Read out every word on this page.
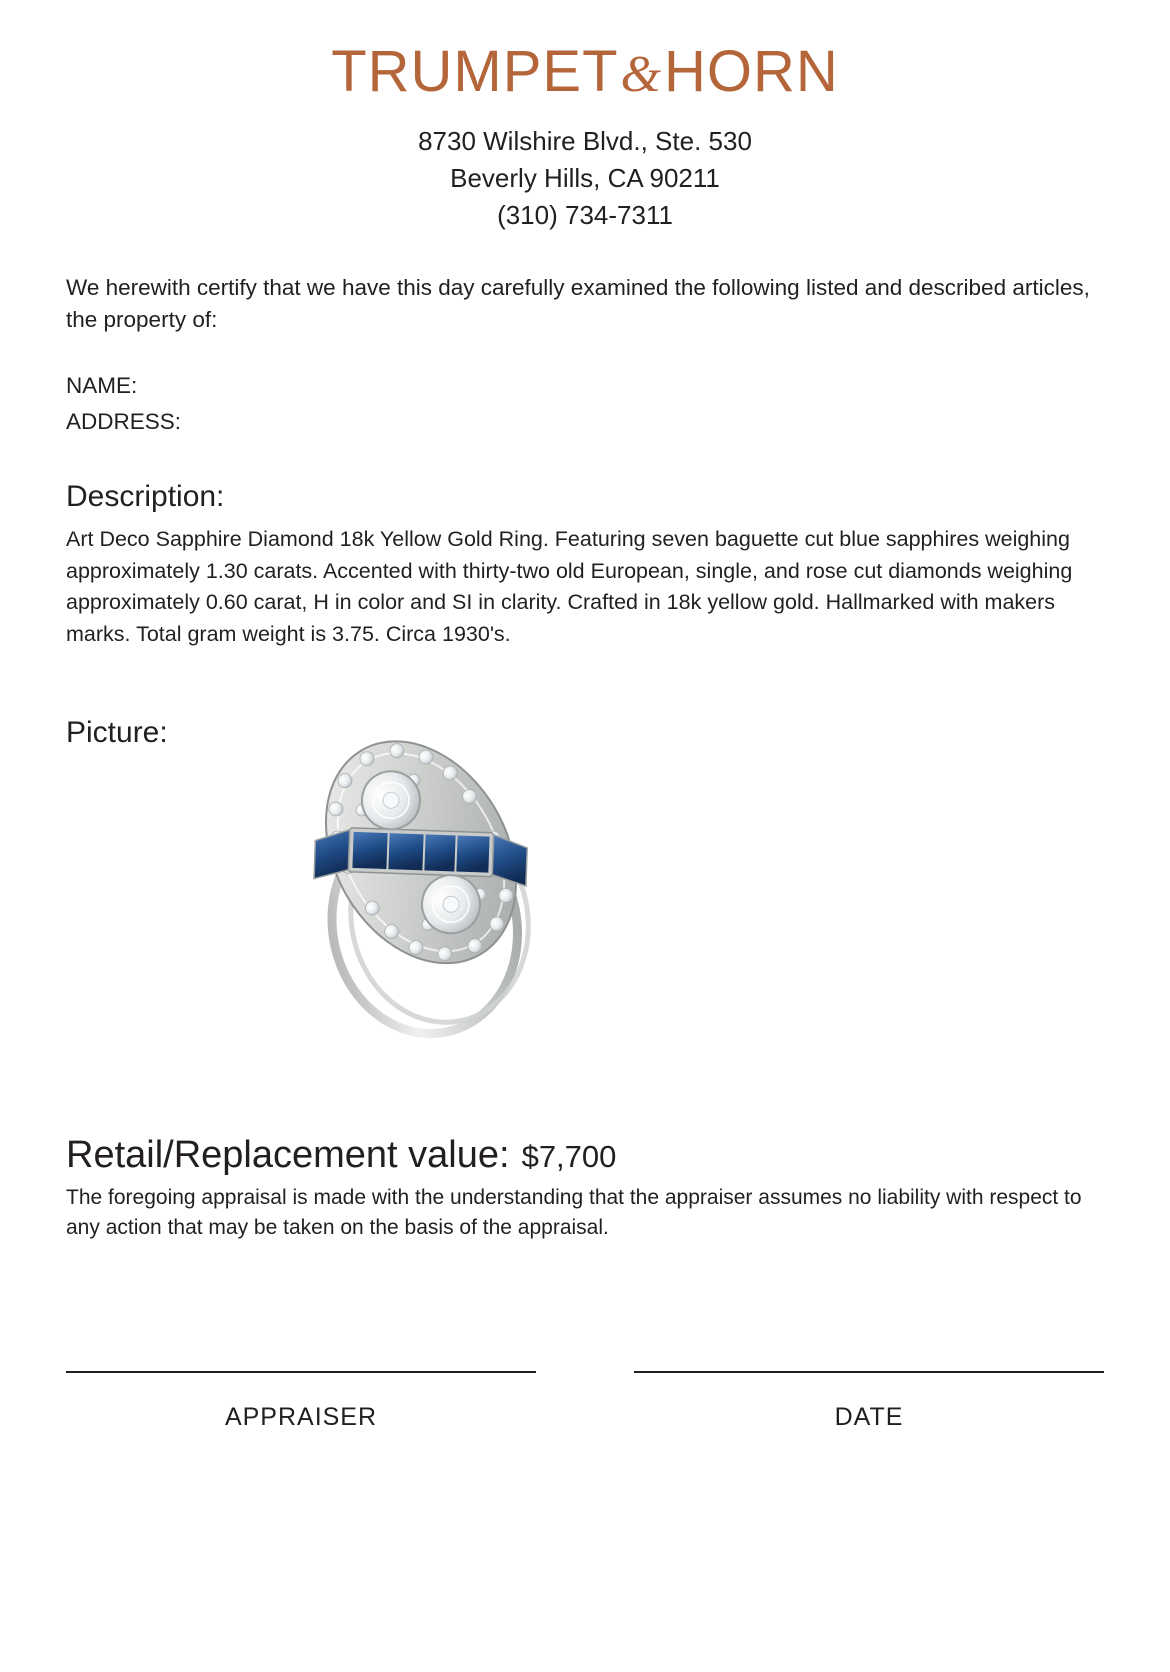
TRUMPET&HORN
8730 Wilshire Blvd., Ste. 530
Beverly Hills, CA 90211
(310) 734-7311

We herewith certify that we have this day carefully examined the following listed and described articles, the property of:

NAME:
ADDRESS:
Description:

Art Deco Sapphire Diamond 18k Yellow Gold Ring. Featuring seven baguette cut blue sapphires weighing approximately 1.30 carats. Accented with thirty-two old European, single, and rose cut diamonds weighing approximately 0.60 carat, H in color and SI in clarity. Crafted in 18k yellow gold. Hallmarked with makers marks. Total gram weight is 3.75. Circa 1930's.

Picture:
Retail/Replacement value: $7,700

The foregoing appraisal is made with the understanding that the appraiser assumes no liability with respect to any action that may be taken on the basis of the appraisal.

APPRAISER	DATE
